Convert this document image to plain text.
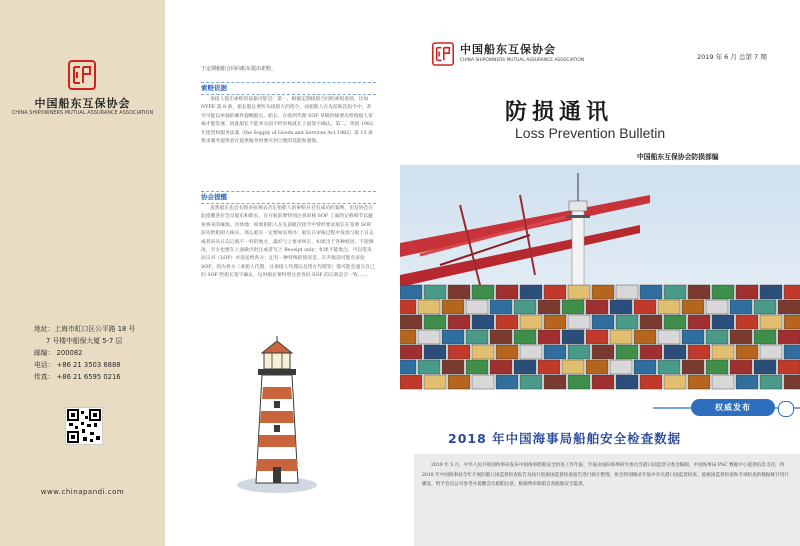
中国船东互保协会
CHINA SHIPOWNERS MUTUAL ASSURANCE ASSOCIATION
地址：上海市虹口区公平路 18 号
7 号楼中船保大厦 5-7 层
邮编： 200082
电话： +86 21 3503 6888
传真： +86 21 6595 0216
www.chinapandi.com
于定期租船合同向船东提出索赔。
索赔依据
承租人提出索赔的依据可能是：第一，根据定期租船合同的索赔条款，比如 NYPE 第 8 条，租长船长要听从租船人的指令，而租船人在先前航次指令中，甚至可能以单独的邮件提醒船长。船长，在收到代理 SOF 草稿时核要先给租船人审核才能签署，因此船长不能单方面不经审核就在上面签字确认。第二，英国 1982 年提货和服务法案（the Supply of Goods and Services Act 1982）第 13 条要求服务提供者在提供服务时要尽到合理的技能和谨慎。
协会提醒
虽然船东也会有很多抗辩去否定租船人的索赔并且有成功的案例，但是协会在此提醒各位会员船东和船长，在开航前要特别注意审核 SOF 上面的记载细节以避免将来的麻烦。具体地：如果租船人在先前航次指令中曾经要求船长在签署 SOF 前先给租船人核实，那么船长一定要如实照办；船长在审核过程中发现与船上日志或者码头日志记载不一样的地方，最好与上要求纠正，如果出于各种原因，不能修改，至少也要在上面做出批注或者写上 Receipt only；如果不能批注，可以签发抗议书（LOP）并发送给各方；还有一种特殊的情况是，在开航前可能有多份 SOF，因为各方（承租人代理、分承租人代理以及货方代理等）都可能会递交自己的 SOF 给船长签字确认，这时船长要特别注意各份 SOF 的记载是否一致……
中国船东互保协会
CHINA SHIPOWNERS MUTUAL ASSURANCE ASSOCIATION	2019 年 6 月 总第 7 期
防损通讯
Loss Prevention Bulletin
中国船东互保协会防损部编
权威发布
2018 年中国海事局船舶安全检查数据
2019 年 5 月，中华人民共和国海事局发布中国海事船舶安全检查工作年报，年报由国际海事研究委员会港口国监督分委会编制，中国海事局 PSC 数据中心提供信息支持，将 2018 年中国海事局全年开展的港口国监督检查报告及执行船旗国监督检查报告进行统计整理，协会特别摘录年报中有关港口国监督检查、船旗国监督检查和专项检查的数据统计进行播发，给予会员公司参考并提醒会员船舶注意，根据判举缺陷自查船舶安全隐患。
